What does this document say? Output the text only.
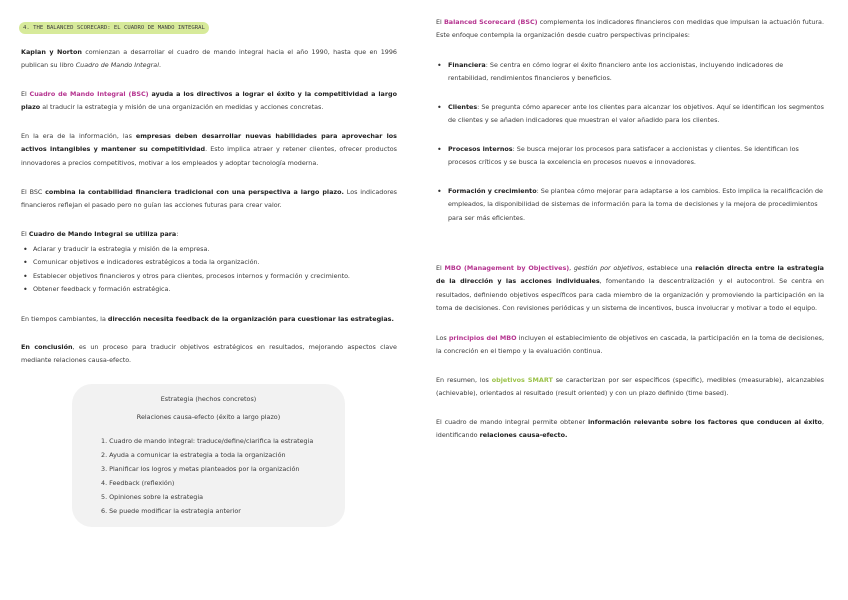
4. THE BALANCED SCORECARD: EL CUADRO DE MANDO INTEGRAL

Kaplan y Norton comienzan a desarrollar el cuadro de mando integral hacia el año 1990, hasta que en 1996 publican su libro Cuadro de Mando Integral.

El Cuadro de Mando Integral (BSC) ayuda a los directivos a lograr el éxito y la competitividad a largo plazo al traducir la estrategia y misión de una organización en medidas y acciones concretas.

En la era de la información, las empresas deben desarrollar nuevas habilidades para aprovechar los activos intangibles y mantener su competitividad. Esto implica atraer y retener clientes, ofrecer productos innovadores a precios competitivos, motivar a los empleados y adoptar tecnología moderna.

El BSC combina la contabilidad financiera tradicional con una perspectiva a largo plazo. Los indicadores financieros reflejan el pasado pero no guían las acciones futuras para crear valor.

El Cuadro de Mando Integral se utiliza para:

• Aclarar y traducir la estrategia y misión de la empresa.
• Comunicar objetivos e indicadores estratégicos a toda la organización.
• Establecer objetivos financieros y otros para clientes, procesos internos y formación y crecimiento.
• Obtener feedback y formación estratégica.

En tiempos cambiantes, la dirección necesita feedback de la organización para cuestionar las estrategias.

En conclusión, es un proceso para traducir objetivos estratégicos en resultados, mejorando aspectos clave mediante relaciones causa-efecto.

Estrategia (hechos concretos)

Relaciones causa-efecto (éxito a largo plazo)

1. Cuadro de mando integral: traduce/define/clarifica la estrategia
2. Ayuda a comunicar la estrategia a toda la organización
3. Planificar los logros y metas planteados por la organización
4. Feedback (reflexión)
5. Opiniones sobre la estrategia
6. Se puede modificar la estrategia anterior

El Balanced Scorecard (BSC) complementa los indicadores financieros con medidas que impulsan la actuación futura. Este enfoque contempla la organización desde cuatro perspectivas principales:

• Financiera: Se centra en cómo lograr el éxito financiero ante los accionistas, incluyendo indicadores de rentabilidad, rendimientos financieros y beneficios.
• Clientes: Se pregunta cómo aparecer ante los clientes para alcanzar los objetivos. Aquí se identifican los segmentos de clientes y se añaden indicadores que muestran el valor añadido para los clientes.
• Procesos internos: Se busca mejorar los procesos para satisfacer a accionistas y clientes. Se identifican los procesos críticos y se busca la excelencia en procesos nuevos e innovadores.
• Formación y crecimiento: Se plantea cómo mejorar para adaptarse a los cambios. Esto implica la recalificación de empleados, la disponibilidad de sistemas de información para la toma de decisiones y la mejora de procedimientos para ser más eficientes.

El MBO (Management by Objectives), gestión por objetivos, establece una relación directa entre la estrategia de la dirección y las acciones individuales, fomentando la descentralización y el autocontrol. Se centra en resultados, definiendo objetivos específicos para cada miembro de la organización y promoviendo la participación en la toma de decisiones. Con revisiones periódicas y un sistema de incentivos, busca involucrar y motivar a todo el equipo.

Los principios del MBO incluyen el establecimiento de objetivos en cascada, la participación en la toma de decisiones, la concreción en el tiempo y la evaluación continua.

En resumen, los objetivos SMART se caracterizan por ser específicos (specific), medibles (measurable), alcanzables (achievable), orientados al resultado (result oriented) y con un plazo definido (time based).

El cuadro de mando integral permite obtener información relevante sobre los factores que conducen al éxito, identificando relaciones causa-efecto.
